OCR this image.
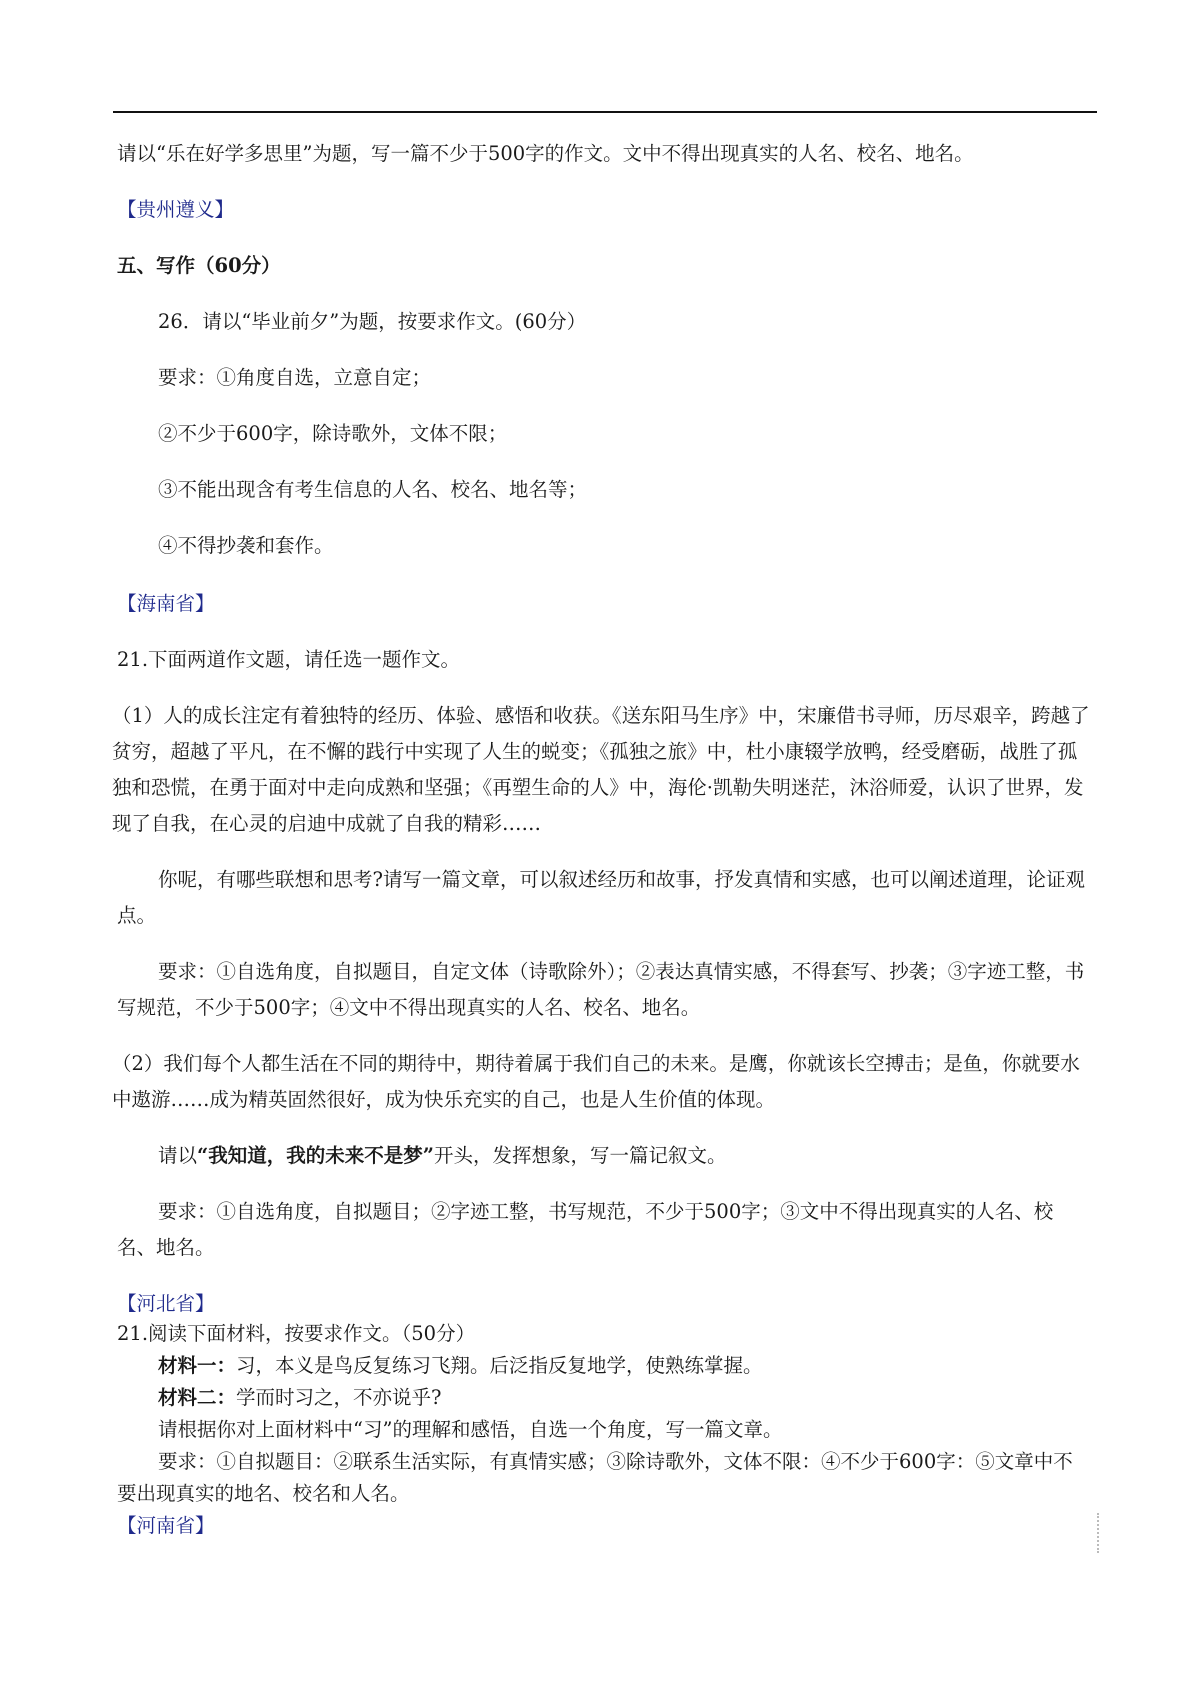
请以“乐在好学多思里”为题，写一篇不少于500字的作文。文中不得出现真实的人名、校名、地名。

【贵州遵义】

五、写作（60分）

26．请以“毕业前夕”为题，按要求作文。(60分）

要求：①角度自选，立意自定；

②不少于600字，除诗歌外，文体不限；

③不能出现含有考生信息的人名、校名、地名等；

④不得抄袭和套作。

【海南省】

21.下面两道作文题，请任选一题作文。

（1）人的成长注定有着独特的经历、体验、感悟和收获。《送东阳马生序》中，宋廉借书寻师，历尽艰辛，跨越了贫穷，超越了平凡，在不懈的践行中实现了人生的蜕变；《孤独之旅》中，杜小康辍学放鸭，经受磨砺，战胜了孤独和恐慌，在勇于面对中走向成熟和坚强；《再塑生命的人》中，海伦·凯勒失明迷茫，沐浴师爱，认识了世界，发现了自我，在心灵的启迪中成就了自我的精彩……

你呢，有哪些联想和思考?请写一篇文章，可以叙述经历和故事，抒发真情和实感，也可以阐述道理，论证观点。

要求：①自选角度，自拟题目，自定文体（诗歌除外）；②表达真情实感，不得套写、抄袭；③字迹工整，书写规范，不少于500字；④文中不得出现真实的人名、校名、地名。

（2）我们每个人都生活在不同的期待中，期待着属于我们自己的未来。是鹰，你就该长空搏击；是鱼，你就要水中遨游……成为精英固然很好，成为快乐充实的自己，也是人生价值的体现。

请以“我知道，我的未来不是梦”开头，发挥想象，写一篇记叙文。

要求：①自选角度，自拟题目；②字迹工整，书写规范，不少于500字；③文中不得出现真实的人名、校名、地名。

【河北省】

21.阅读下面材料，按要求作文。（50分）

材料一：习，本义是鸟反复练习飞翔。后泛指反复地学，使熟练掌握。

材料二：学而时习之，不亦说乎?

请根据你对上面材料中“习”的理解和感悟，自选一个角度，写一篇文章。

要求：①自拟题目：②联系生活实际，有真情实感；③除诗歌外，文体不限：④不少于600字：⑤文章中不要出现真实的地名、校名和人名。

【河南省】
